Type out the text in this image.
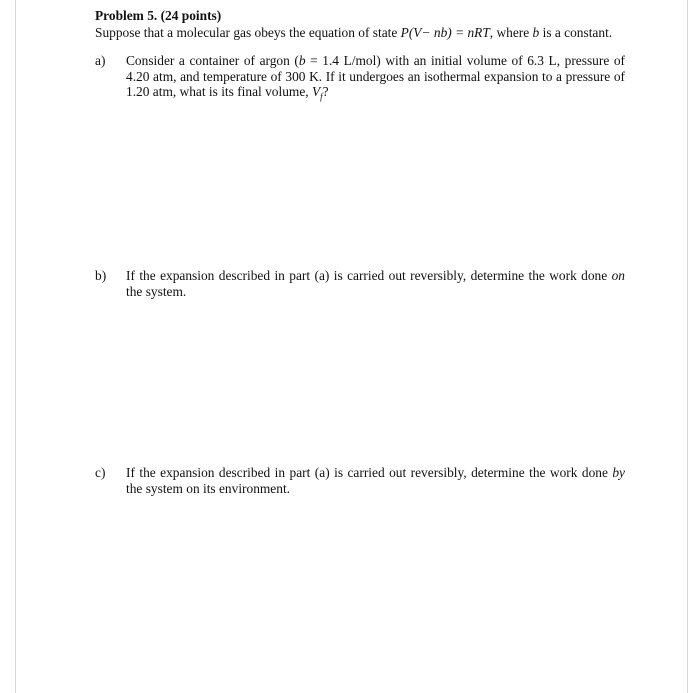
Problem 5. (24 points)
Suppose that a molecular gas obeys the equation of state P(V− nb) = nRT, where b is a constant.
a)	Consider a container of argon (b = 1.4 L/mol) with an initial volume of 6.3 L, pressure of 4.20 atm, and temperature of 300 K. If it undergoes an isothermal expansion to a pressure of 1.20 atm, what is its final volume, $V_f$?
b)	If the expansion described in part (a) is carried out reversibly, determine the work done on the system.
c)	If the expansion described in part (a) is carried out reversibly, determine the work done by the system on its environment.
